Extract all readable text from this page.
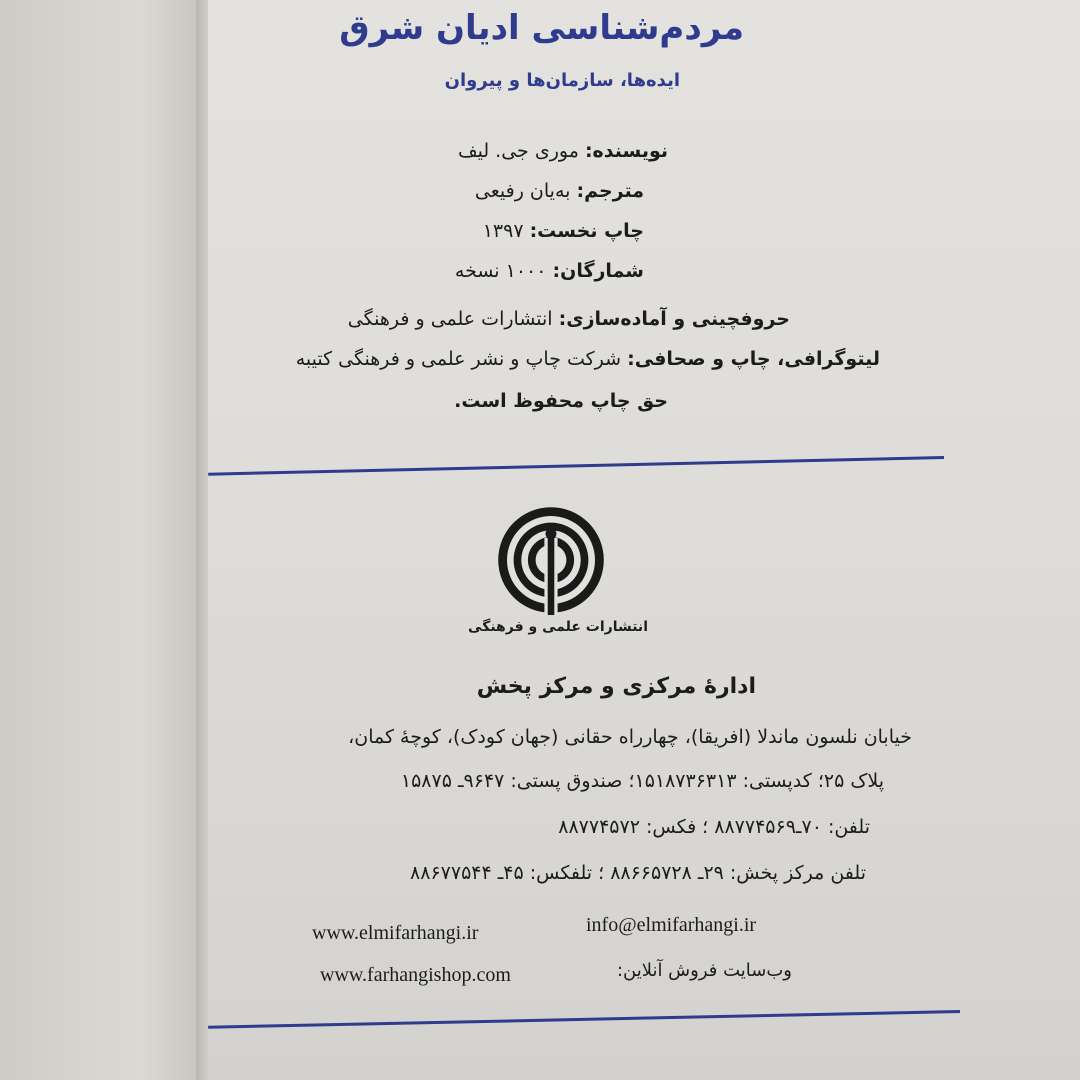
مردم‌شناسی ادیان شرق
ایده‌ها، سازمان‌ها و پیروان
نویسنده: موری جی. لیف
مترجم: به‌یان رفیعی
چاپ نخست: ۱۳۹۷
شمارگان: ۱۰۰۰ نسخه
حروفچینی و آماده‌سازی: انتشارات علمی و فرهنگی
لیتوگرافی، چاپ و صحافی: شرکت چاپ و نشر علمی و فرهنگی کتیبه
حق چاپ محفوظ است.
انتشارات علمی و فرهنگی
ادارهٔ مرکزی و مرکز پخش
خیابان نلسون ماندلا (افریقا)، چهارراه حقانی (جهان کودک)، کوچهٔ کمان،
پلاک ۲۵؛ کدپستی: ۱۵۱۸۷۳۶۳۱۳؛ صندوق پستی: ۹۶۴۷ـ ۱۵۸۷۵
تلفن: ۷۰ـ۸۸۷۷۴۵۶۹ ؛ فکس: ۸۸۷۷۴۵۷۲
تلفن مرکز پخش: ۲۹ـ ۸۸۶۶۵۷۲۸ ؛ تلفکس: ۴۵ـ ۸۸۶۷۷۵۴۴
www.elmifarhangi.ir	info@elmifarhangi.ir
وب‌سایت فروش آنلاین:
www.farhangishop.com
